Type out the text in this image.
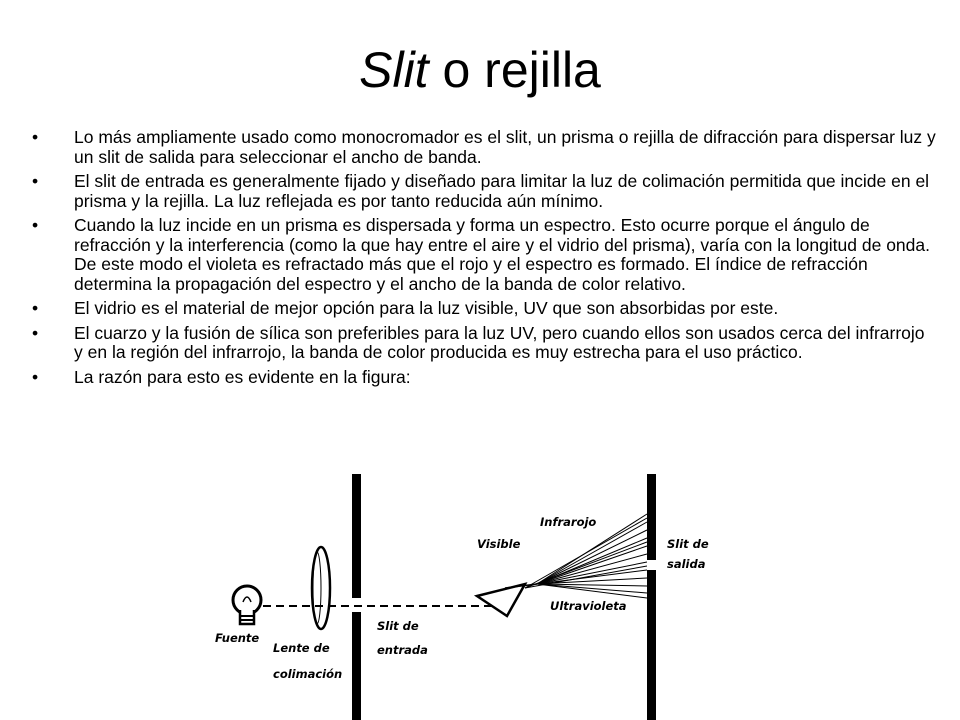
Slit o rejilla
• Lo más ampliamente usado como monocromador es el slit, un prisma o rejilla de difracción para dispersar luz y un slit de salida para seleccionar el ancho de banda.
• El slit de entrada es generalmente fijado y diseñado para limitar la luz de colimación permitida que incide en el prisma y la rejilla. La luz reflejada es por tanto reducida aún mínimo.
• Cuando la luz incide en un prisma es dispersada y forma un espectro. Esto ocurre porque el ángulo de refracción y la interferencia (como la que hay entre el aire y el vidrio del prisma), varía con la longitud de onda. De este modo el violeta es refractado más que el rojo y el espectro es formado. El índice de refracción determina la propagación del espectro y el ancho de la banda de color relativo.
• El vidrio es el material de mejor opción para la luz visible, UV que son absorbidas por este.
• El cuarzo y la fusión de sílica son preferibles para la luz UV, pero cuando ellos son usados cerca del infrarrojo y en la región del infrarrojo, la banda de color producida es muy estrecha para el uso práctico.
• La razón para esto es evidente en la figura:
Fuente
Lente de
colimación
Slit de
entrada
Infrarojo
Visible
Ultravioleta
Slit de
salida
